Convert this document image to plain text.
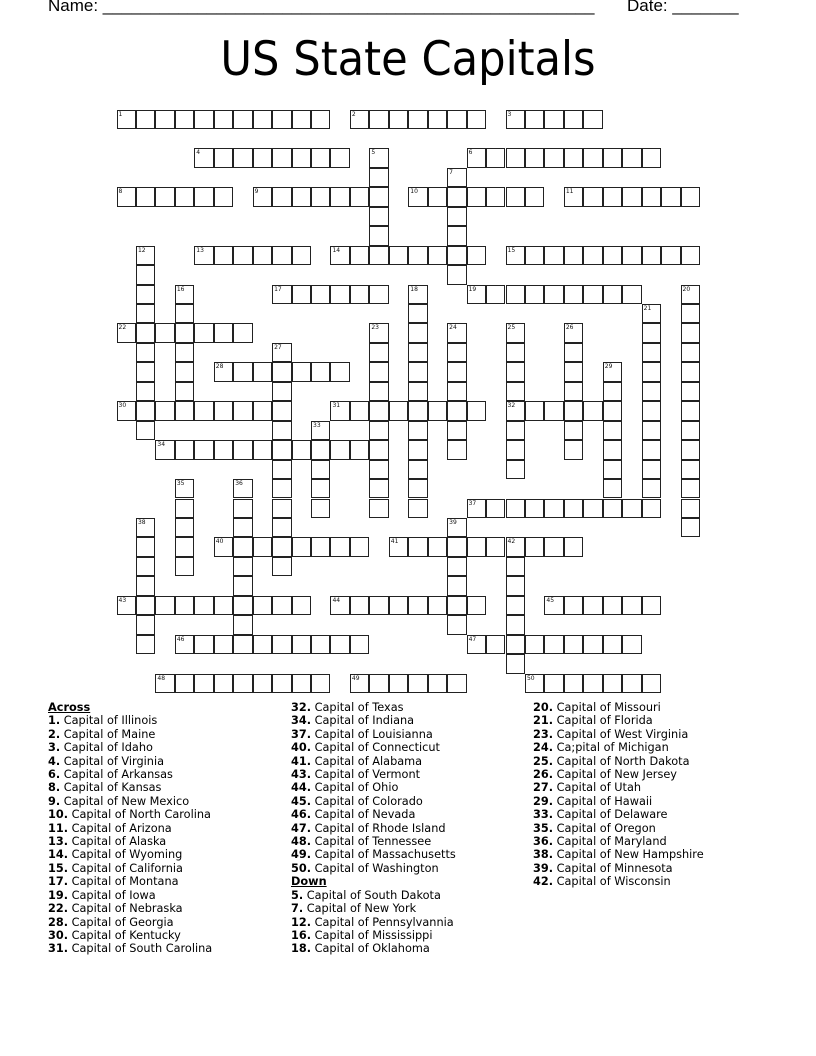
Name: ____________________________________________________ Date: _______
US State Capitals
1	2	3
4	5	6
7
8	9	10	11
12	13	14	15
16	17	18	19	20
21
22	23	24	25
32
26
27
28	29
30	31
33
34
35	36
37
38	39
40	41	42
43	44	45
46	47
48	49	50
Across
1. Capital of Illinois
2. Capital of Maine
3. Capital of Idaho
4. Capital of Virginia
6. Capital of Arkansas
8. Capital of Kansas
9. Capital of New Mexico
10. Capital of North Carolina
11. Capital of Arizona
13. Capital of Alaska
14. Capital of Wyoming
15. Capital of California
17. Capital of Montana
19. Capital of Iowa
22. Capital of Nebraska
28. Capital of Georgia
30. Capital of Kentucky
31. Capital of South Carolina
32. Capital of Texas
34. Capital of Indiana
37. Capital of Louisianna
40. Capital of Connecticut
41. Capital of Alabama
43. Capital of Vermont
44. Capital of Ohio
45. Capital of Colorado
46. Capital of Nevada
47. Capital of Rhode Island
48. Capital of Tennessee
49. Capital of Massachusetts
50. Capital of Washington
Down
5. Capital of South Dakota
7. Capital of New York
12. Capital of Pennsylvannia
16. Capital of Mississippi
18. Capital of Oklahoma
20. Capital of Missouri
21. Capital of Florida
23. Capital of West Virginia
24. Ca;pital of Michigan
25. Capital of North Dakota
26. Capital of New Jersey
27. Capital of Utah
29. Capital of Hawaii
33. Capital of Delaware
35. Capital of Oregon
36. Capital of Maryland
38. Capital of New Hampshire
39. Capital of Minnesota
42. Capital of Wisconsin
